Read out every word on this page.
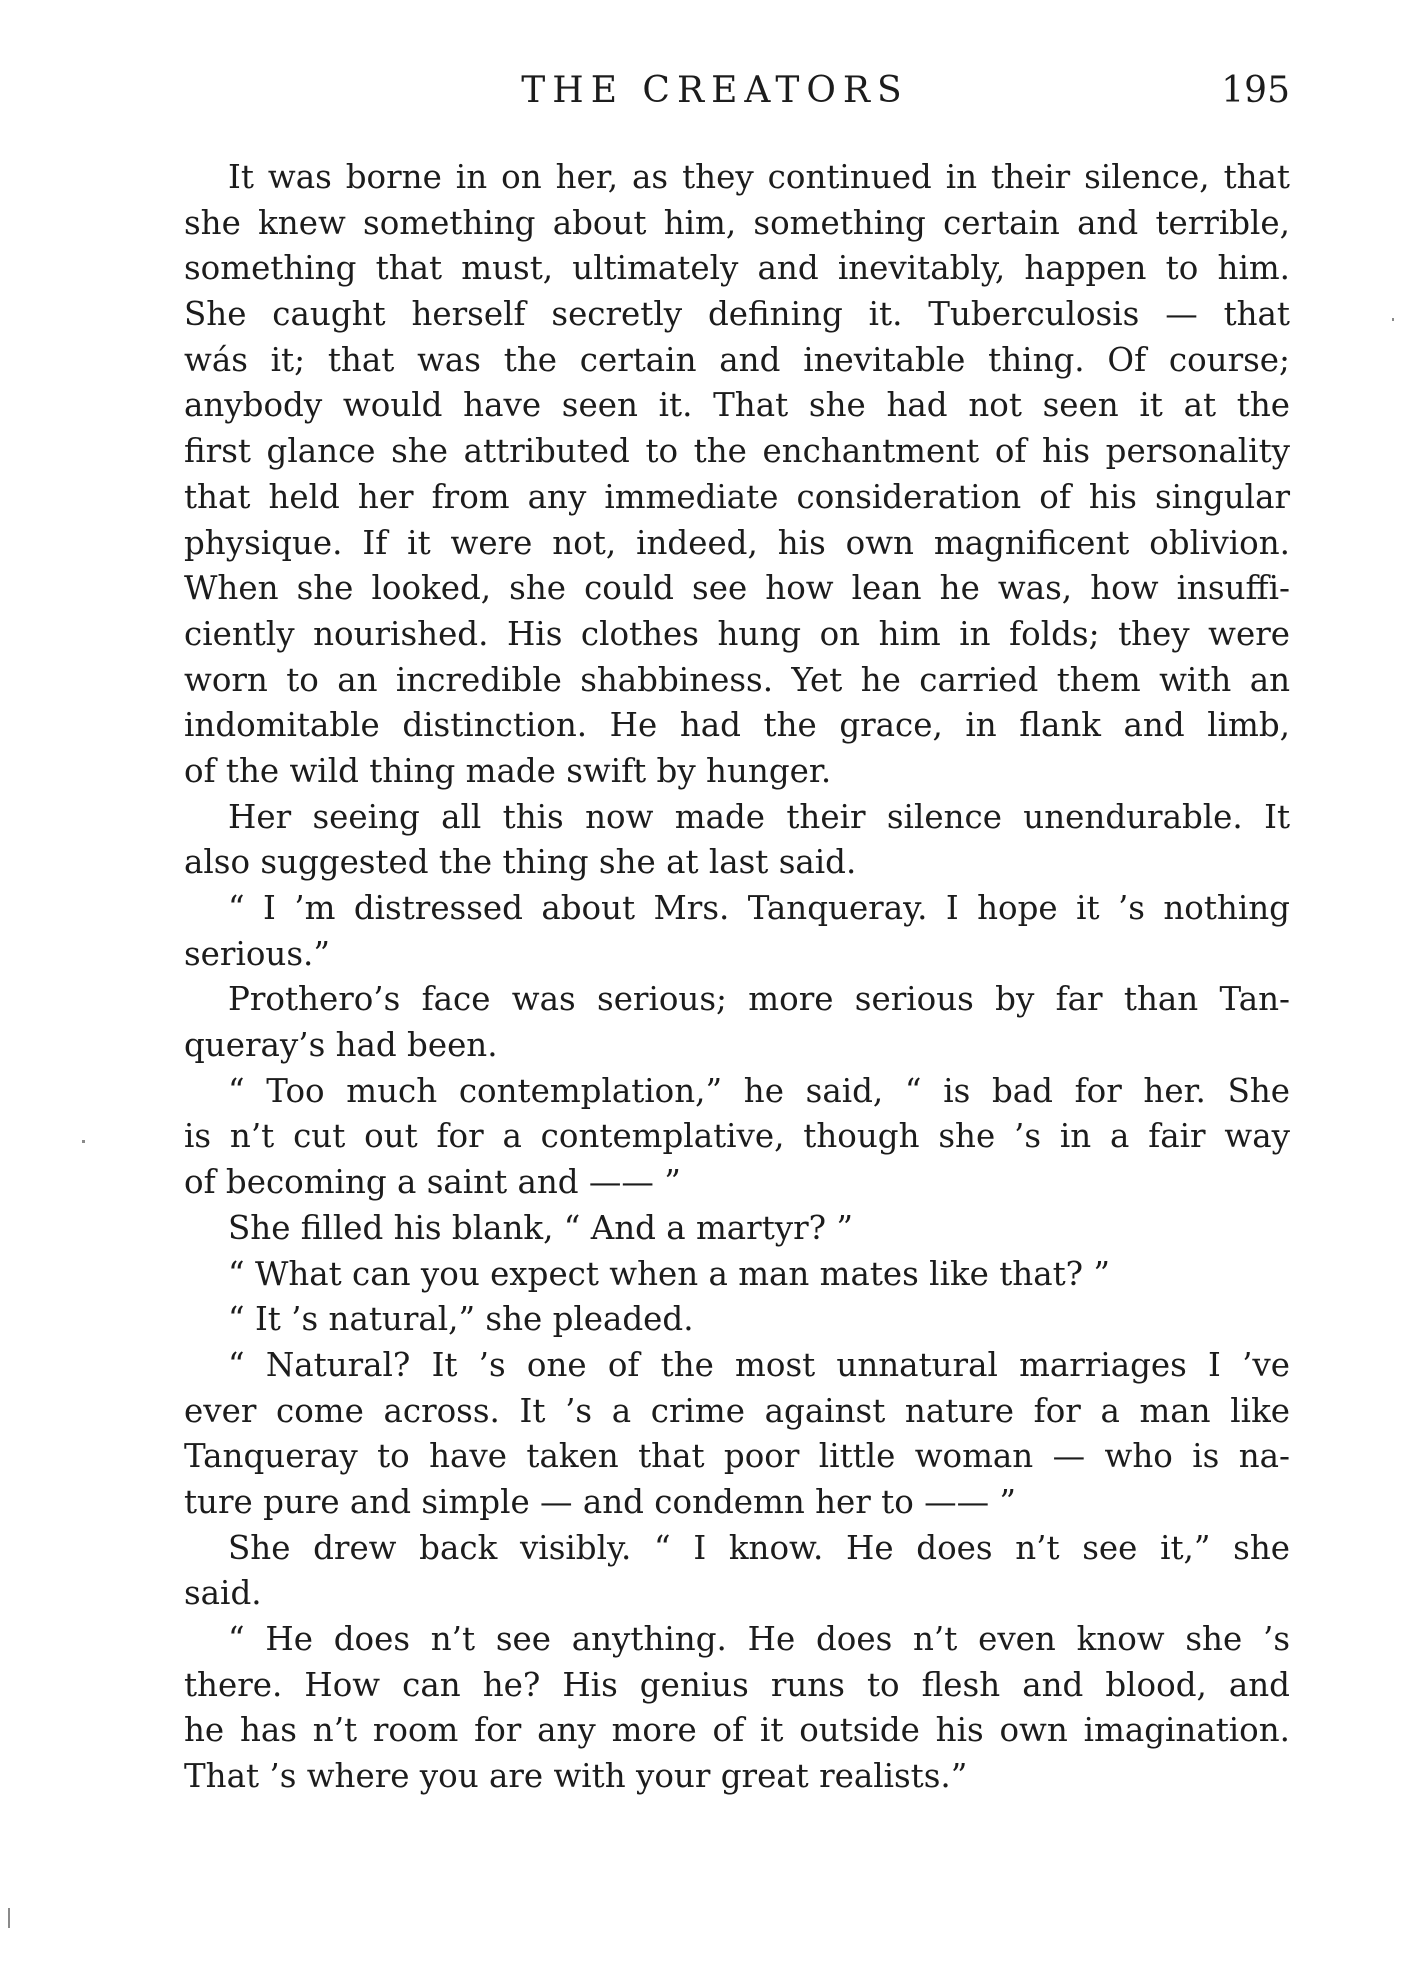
THE CREATORS	195
It was borne in on her, as they continued in their silence, that
she knew something about him, something certain and terrible,
something that must, ultimately and inevitably, happen to him.
She caught herself secretly defining it. Tuberculosis — that
wás it; that was the certain and inevitable thing. Of course;
anybody would have seen it. That she had not seen it at the
first glance she attributed to the enchantment of his personality
that held her from any immediate consideration of his singular
physique. If it were not, indeed, his own magnificent oblivion.
When she looked, she could see how lean he was, how insuffi-
ciently nourished. His clothes hung on him in folds; they were
worn to an incredible shabbiness. Yet he carried them with an
indomitable distinction. He had the grace, in flank and limb,
of the wild thing made swift by hunger.
Her seeing all this now made their silence unendurable. It
also suggested the thing she at last said.
“ I ’m distressed about Mrs. Tanqueray. I hope it ’s nothing
serious.”
Prothero’s face was serious; more serious by far than Tan-
queray’s had been.
“ Too much contemplation,” he said, “ is bad for her. She
is n’t cut out for a contemplative, though she ’s in a fair way
of becoming a saint and —— ”
She filled his blank, “ And a martyr? ”
“ What can you expect when a man mates like that? ”
“ It ’s natural,” she pleaded.
“ Natural? It ’s one of the most unnatural marriages I ’ve
ever come across. It ’s a crime against nature for a man like
Tanqueray to have taken that poor little woman — who is na-
ture pure and simple — and condemn her to —— ”
She drew back visibly. “ I know. He does n’t see it,” she
said.
“ He does n’t see anything. He does n’t even know she ’s
there. How can he? His genius runs to flesh and blood, and
he has n’t room for any more of it outside his own imagination.
That ’s where you are with your great realists.”
